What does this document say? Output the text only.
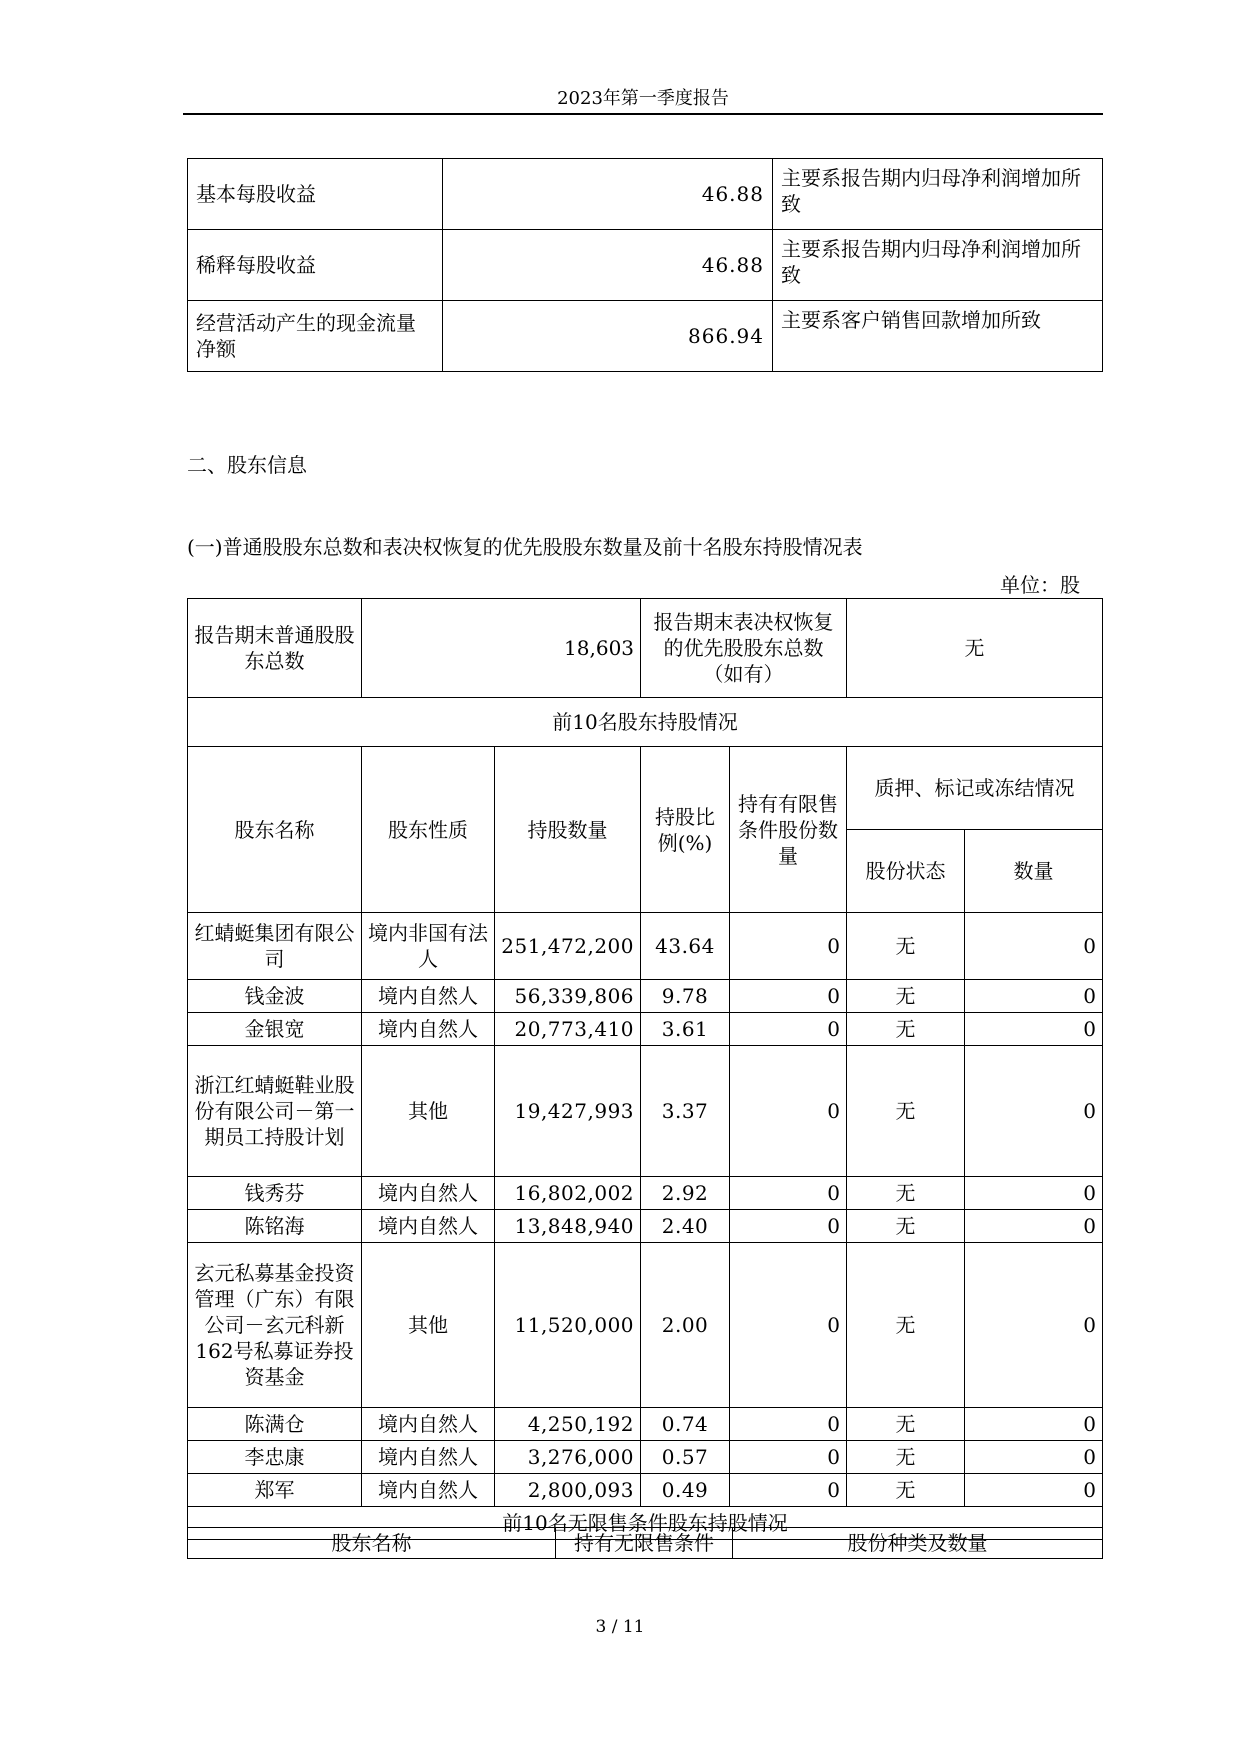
2023年第一季度报告
基本每股收益	46.88	主要系报告期内归母净利润增加所致
稀释每股收益	46.88	主要系报告期内归母净利润增加所致
经营活动产生的现金流量净额	866.94	主要系客户销售回款增加所致
二、股东信息
(一)普通股股东总数和表决权恢复的优先股股东数量及前十名股东持股情况表
单位：股
报告期末普通股股东总数	18,603		报告期末表决权恢复的优先股股东总数（如有）		无	
前10名股东持股情况						
股东名称	股东性质	持股数量	持股比例(%)	持有有限售条件股份数量	质押、标记或冻结情况	
					股份状态	数量
红蜻蜓集团有限公司	境内非国有法人	251,472,200	43.64	0	无	0
钱金波	境内自然人	56,339,806	9.78	0	无	0
金银宽	境内自然人	20,773,410	3.61	0	无	0
浙江红蜻蜓鞋业股份有限公司－第一期员工持股计划	其他	19,427,993	3.37	0	无	0
钱秀芬	境内自然人	16,802,002	2.92	0	无	0
陈铭海	境内自然人	13,848,940	2.40	0	无	0
玄元私募基金投资管理（广东）有限公司－玄元科新162号私募证券投资基金	其他	11,520,000	2.00	0	无	0
陈满仓	境内自然人	4,250,192	0.74	0	无	0
李忠康	境内自然人	3,276,000	0.57	0	无	0
郑军	境内自然人	2,800,093	0.49	0	无	0
前10名无限售条件股东持股情况						
股东名称	持有无限售条件	股份种类及数量
3 / 11
